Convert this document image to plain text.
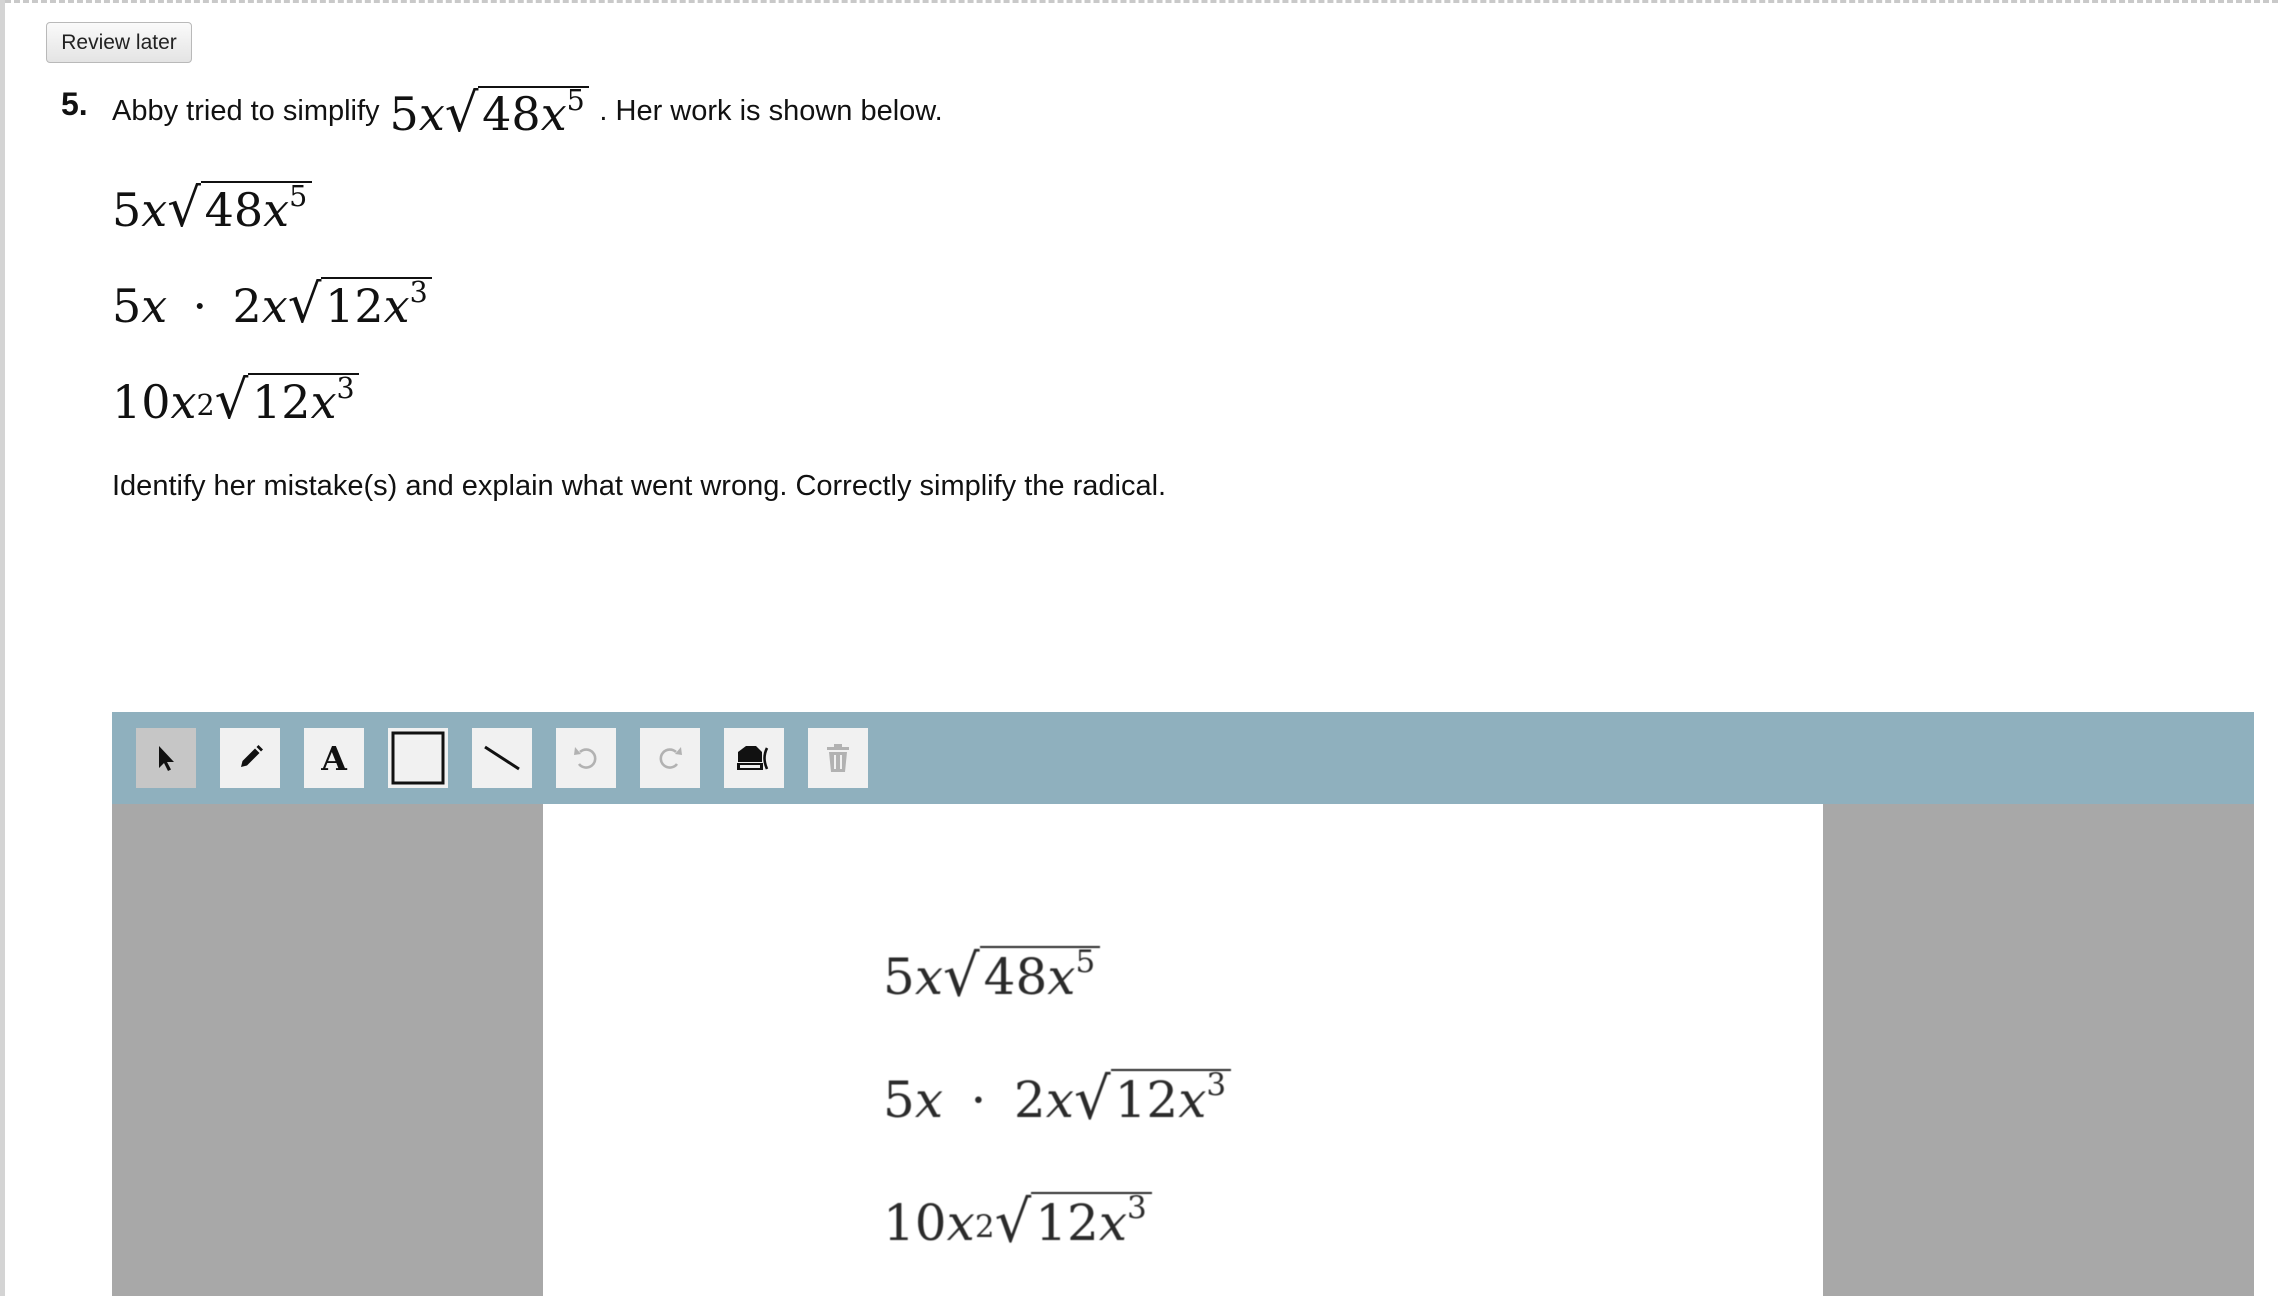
Review later
5. Abby tried to simplify 5 x √ $48x^5$ . Her work is shown below.
5 x √ $48x^5$
5 x · 2 x √ $12x^3$
10 $x^2$ √ $12x^3$
Identify her mistake(s) and explain what went wrong. Correctly simplify the radical.
A
5 x √ $48x^5$
5 x · 2 x √ $12x^3$
10 $x^2$ √ $12x^3$
